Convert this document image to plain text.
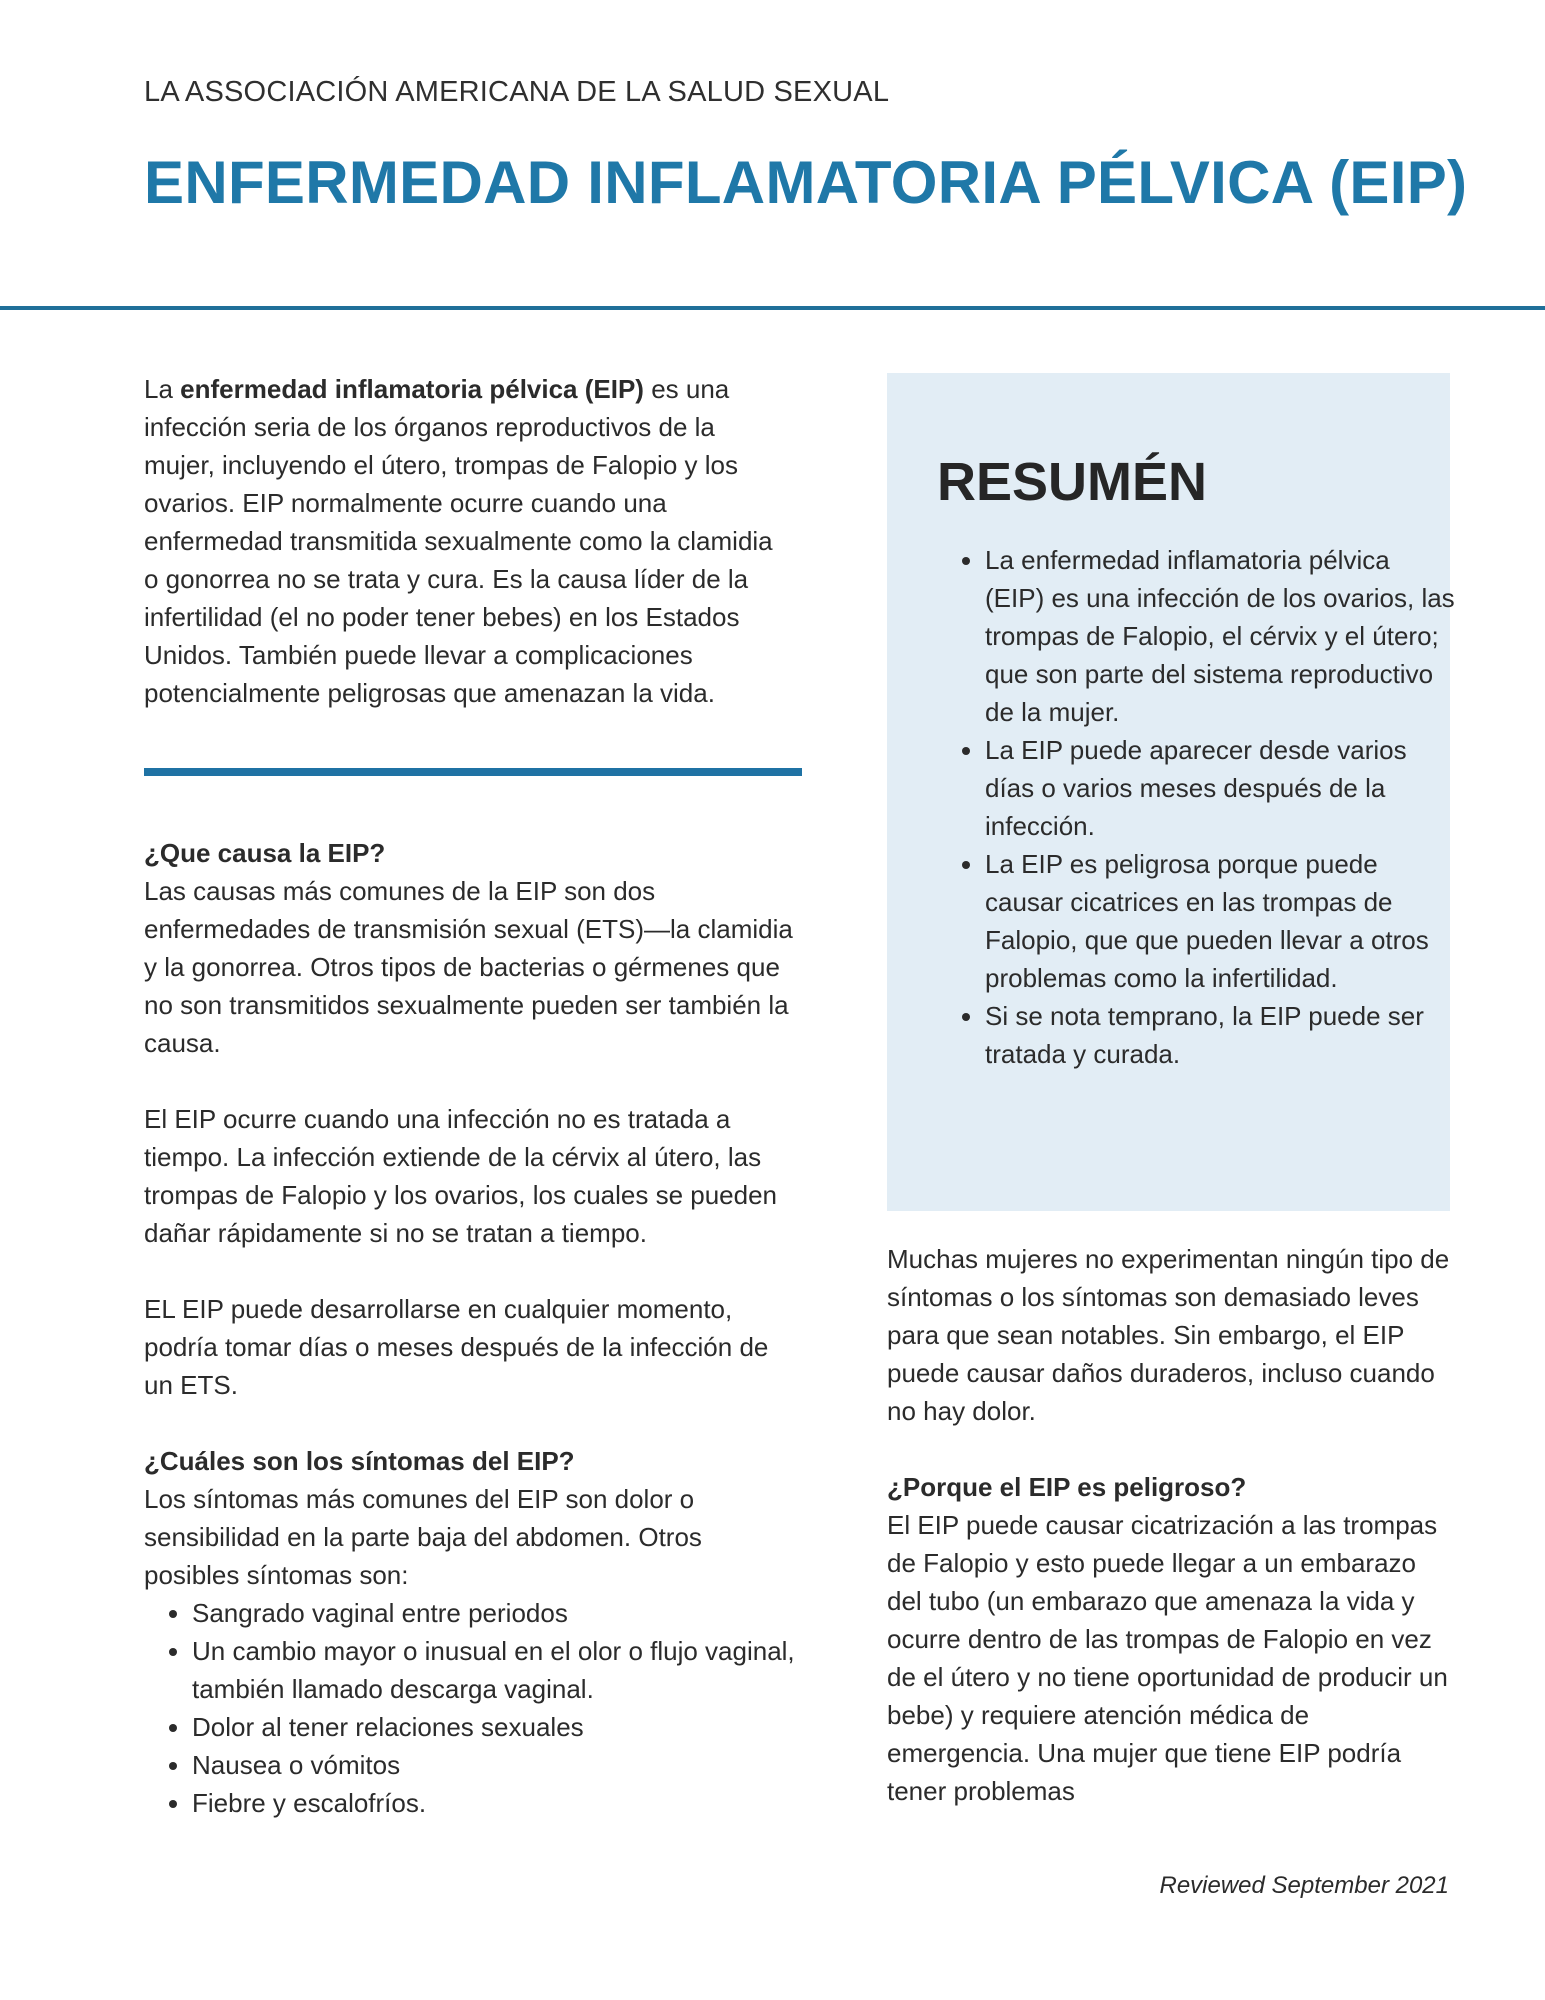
LA ASSOCIACIÓN AMERICANA DE LA SALUD SEXUAL
ENFERMEDAD INFLAMATORIA PÉLVICA (EIP)

La enfermedad inflamatoria pélvica (EIP) es una
infección seria de los órganos reproductivos de la
mujer, incluyendo el útero, trompas de Falopio y los
ovarios. EIP normalmente ocurre cuando una
enfermedad transmitida sexualmente como la clamidia
o gonorrea no se trata y cura. Es la causa líder de la
infertilidad (el no poder tener bebes) en los Estados
Unidos. También puede llevar a complicaciones
potencialmente peligrosas que amenazan la vida.

¿Que causa la EIP?

Las causas más comunes de la EIP son dos enfermedades de transmisión sexual (ETS)—la clamidia y la gonorrea. Otros tipos de bacterias o gérmenes que no son transmitidos sexualmente pueden ser también la causa.

El EIP ocurre cuando una infección no es tratada a tiempo. La infección extiende de la cérvix al útero, las trompas de Falopio y los ovarios, los cuales se pueden dañar rápidamente si no se tratan a tiempo.

EL EIP puede desarrollarse en cualquier momento, podría tomar días o meses después de la infección de un ETS.

¿Cuáles son los síntomas del EIP?

Los síntomas más comunes del EIP son dolor o sensibilidad en la parte baja del abdomen. Otros posibles síntomas son:

• Sangrado vaginal entre periodos
• Un cambio mayor o inusual en el olor o flujo vaginal, también llamado descarga vaginal.
• Dolor al tener relaciones sexuales
• Nausea o vómitos
• Fiebre y escalofríos.
RESUMÉN
• La enfermedad inflamatoria pélvica (EIP) es una infección de los ovarios, las trompas de Falopio, el cérvix y el útero; que son parte del sistema reproductivo de la mujer.
• La EIP puede aparecer desde varios días o varios meses después de la infección.
• La EIP es peligrosa porque puede causar cicatrices en las trompas de Falopio, que que pueden llevar a otros problemas como la infertilidad.
• Si se nota temprano, la EIP puede ser tratada y curada.

Muchas mujeres no experimentan ningún tipo de síntomas o los síntomas son demasiado leves para que sean notables. Sin embargo, el EIP puede causar daños duraderos, incluso cuando no hay dolor.

¿Porque el EIP es peligroso?

El EIP puede causar cicatrización a las trompas de Falopio y esto puede llegar a un embarazo del tubo (un embarazo que amenaza la vida y ocurre dentro de las trompas de Falopio en vez de el útero y no tiene oportunidad de producir un bebe) y requiere atención médica de emergencia. Una mujer que tiene EIP podría tener problemas

Reviewed September 2021
